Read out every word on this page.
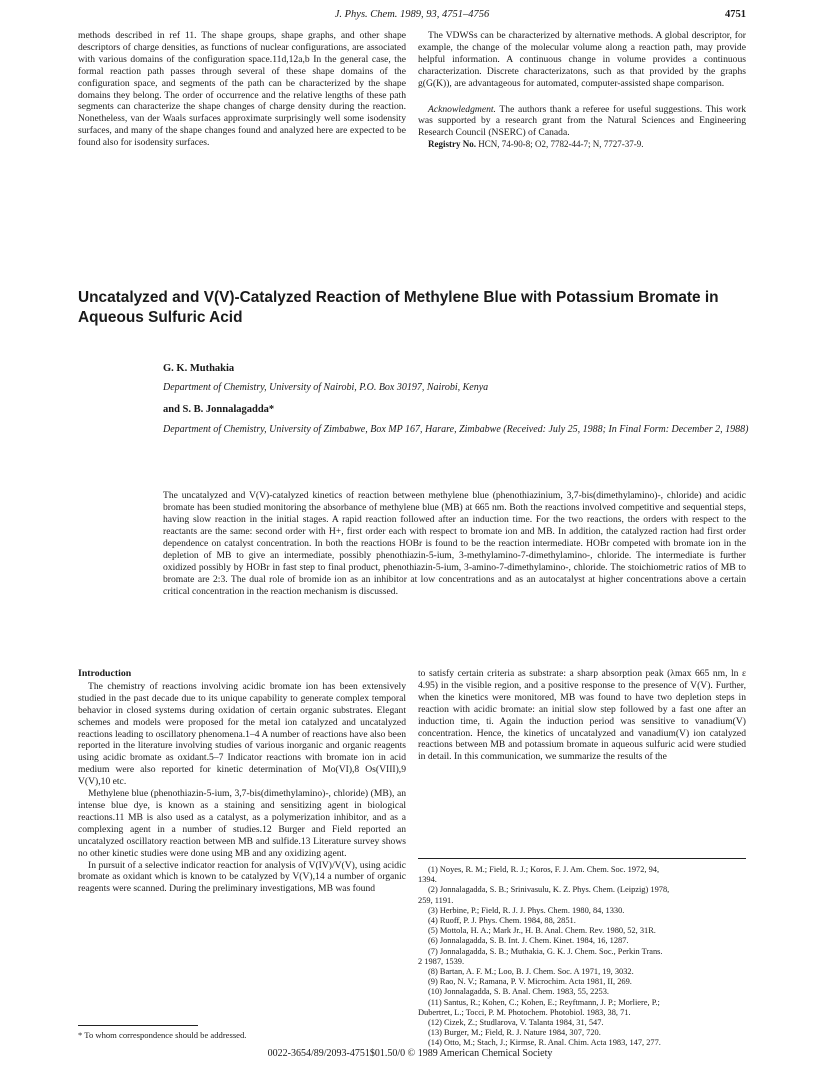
J. Phys. Chem. 1989, 93, 4751–4756	4751

methods described in ref 11. The shape groups, shape graphs, and other shape descriptors of charge densities, as functions of nuclear configurations, are associated with various domains of the configuration space.11d,12a,b In the general case, the formal reaction path passes through several of these shape domains of the configuration space, and segments of the path can be characterized by the shape domains they belong. The order of occurrence and the relative lengths of these path segments can characterize the shape changes of charge density during the reaction. Nonetheless, van der Waals surfaces approximate surprisingly well some isodensity surfaces, and many of the shape changes found and analyzed here are expected to be found also for isodensity surfaces.

The VDWSs can be characterized by alternative methods. A global descriptor, for example, the change of the molecular volume along a reaction path, may provide helpful information. A continuous change in volume provides a continuous characterization. Discrete characterizatons, such as that provided by the graphs g(G(K)), are advantageous for automated, computer-assisted shape comparison.

Acknowledgment. The authors thank a referee for useful suggestions. This work was supported by a research grant from the Natural Sciences and Engineering Research Council (NSERC) of Canada.

Registry No. HCN, 74-90-8; O2, 7782-44-7; N, 7727-37-9.

Uncatalyzed and V(V)-Catalyzed Reaction of Methylene Blue with Potassium Bromate in Aqueous Sulfuric Acid
G. K. Muthakia
Department of Chemistry, University of Nairobi, P.O. Box 30197, Nairobi, Kenya
and S. B. Jonnalagadda*
Department of Chemistry, University of Zimbabwe, Box MP 167, Harare, Zimbabwe (Received: July 25, 1988; In Final Form: December 2, 1988)
The uncatalyzed and V(V)-catalyzed kinetics of reaction between methylene blue (phenothiazinium, 3,7-bis(dimethylamino)-, chloride) and acidic bromate has been studied monitoring the absorbance of methylene blue (MB) at 665 nm. Both the reactions involved competitive and sequential steps, having slow reaction in the initial stages. A rapid reaction followed after an induction time. For the two reactions, the orders with respect to the reactants are the same: second order with H+, first order each with respect to bromate ion and MB. In addition, the catalyzed raction had first order dependence on catalyst concentration. In both the reactions HOBr is found to be the reaction intermediate. HOBr competed with bromate ion in the depletion of MB to give an intermediate, possibly phenothiazin-5-ium, 3-methylamino-7-dimethylamino-, chloride. The intermediate is further oxidized possibly by HOBr in fast step to final product, phenothiazin-5-ium, 3-amino-7-dimethylamino-, chloride. The stoichiometric ratios of MB to bromate are 2:3. The dual role of bromide ion as an inhibitor at low concentrations and as an autocatalyst at higher concentrations above a certain critical concentration in the reaction mechanism is discussed.
Introduction

The chemistry of reactions involving acidic bromate ion has been extensively studied in the past decade due to its unique capability to generate complex temporal behavior in closed systems during oxidation of certain organic substrates. Elegant schemes and models were proposed for the metal ion catalyzed and uncatalyzed reactions leading to oscillatory phenomena.1–4 A number of reactions have also been reported in the literature involving studies of various inorganic and organic reagents using acidic bromate as oxidant.5–7 Indicator reactions with bromate ion in acid medium were also reported for kinetic determination of Mo(VI),8 Os(VIII),9 V(V),10 etc.

Methylene blue (phenothiazin-5-ium, 3,7-bis(dimethylamino)-, chloride) (MB), an intense blue dye, is known as a staining and sensitizing agent in biological reactions.11 MB is also used as a catalyst, as a polymerization inhibitor, and as a complexing agent in a number of studies.12 Burger and Field reported an uncatalyzed oscillatory reaction between MB and sulfide.13 Literature survey shows no other kinetic studies were done using MB and any oxidizing agent.

In pursuit of a selective indicator reaction for analysis of V(IV)/V(V), using acidic bromate as oxidant which is known to be catalyzed by V(V),14 a number of organic reagents were scanned. During the preliminary investigations, MB was found

to satisfy certain criteria as substrate: a sharp absorption peak (λmax 665 nm, ln ε 4.95) in the visible region, and a positive response to the presence of V(V). Further, when the kinetics were monitored, MB was found to have two depletion steps in reaction with acidic bromate: an initial slow step followed by a fast one after an induction time, ti. Again the induction period was sensitive to vanadium(V) concentration. Hence, the kinetics of uncatalyzed and vanadium(V) ion catalyzed reactions between MB and potassium bromate in aqueous sulfuric acid were studied in detail. In this communication, we summarize the results of the

(1) Noyes, R. M.; Field, R. J.; Koros, F. J. Am. Chem. Soc. 1972, 94,
1394.
(2) Jonnalagadda, S. B.; Srinivasulu, K. Z. Phys. Chem. (Leipzig) 1978,
259, 1191.
(3) Herbine, P.; Field, R. J. J. Phys. Chem. 1980, 84, 1330.
(4) Ruoff, P. J. Phys. Chem. 1984, 88, 2851.
(5) Mottola, H. A.; Mark Jr., H. B. Anal. Chem. Rev. 1980, 52, 31R.
(6) Jonnalagadda, S. B. Int. J. Chem. Kinet. 1984, 16, 1287.
(7) Jonnalagadda, S. B.; Muthakia, G. K. J. Chem. Soc., Perkin Trans.
2 1987, 1539.
(8) Bartan, A. F. M.; Loo, B. J. Chem. Soc. A 1971, 19, 3032.
(9) Rao, N. V.; Ramana, P. V. Microchim. Acta 1981, II, 269.
(10) Jonnalagadda, S. B. Anal. Chem. 1983, 55, 2253.
(11) Santus, R.; Kohen, C.; Kohen, E.; Reyftmann, J. P.; Morliere, P.;
Dubertret, L.; Tocci, P. M. Photochem. Photobiol. 1983, 38, 71.
(12) Cizek, Z.; Studlarova, V. Talanta 1984, 31, 547.
(13) Burger, M.; Field, R. J. Nature 1984, 307, 720.
(14) Otto, M.; Stach, J.; Kirmse, R. Anal. Chim. Acta 1983, 147, 277.
* To whom correspondence should be addressed.
0022-3654/89/2093-4751$01.50/0 © 1989 American Chemical Society
